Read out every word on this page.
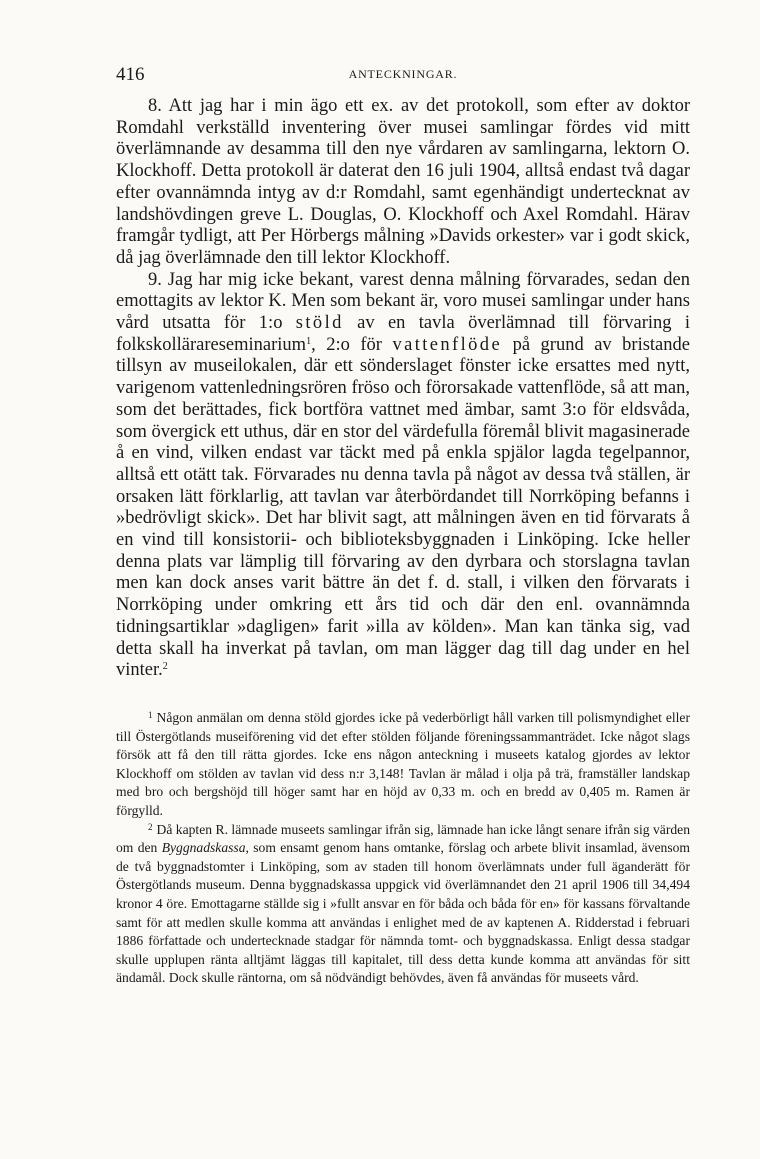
416	ANTECKNINGAR.

8. Att jag har i min ägo ett ex. av det protokoll, som efter av doktor Romdahl verkställd inventering över musei samlingar fördes vid mitt överlämnande av desamma till den nye vårdaren av samlingarna, lektorn O. Klockhoff. Detta protokoll är daterat den 16 juli 1904, alltså endast två dagar efter ovannämnda intyg av d:r Romdahl, samt egenhändigt undertecknat av landshövdingen greve L. Douglas, O. Klockhoff och Axel Romdahl. Härav framgår tydligt, att Per Hörbergs målning »Davids orkester» var i godt skick, då jag överlämnade den till lektor Klockhoff.

9. Jag har mig icke bekant, varest denna målning förvarades, sedan den emottagits av lektor K. Men som bekant är, voro musei samlingar under hans vård utsatta för 1:o stöld av en tavla överlämnad till förvaring i folkskollärareseminarium$^1$, 2:o för vattenflöde på grund av bristande tillsyn av museilokalen, där ett sönderslaget fönster icke ersattes med nytt, varigenom vattenledningsrören fröso och förorsakade vattenflöde, så att man, som det berättades, fick bortföra vattnet med ämbar, samt 3:o för eldsvåda, som övergick ett uthus, där en stor del värdefulla föremål blivit magasinerade å en vind, vilken endast var täckt med på enkla spjälor lagda tegelpannor, alltså ett otätt tak. Förvarades nu denna tavla på något av dessa två ställen, är orsaken lätt förklarlig, att tavlan var återbördandet till Norrköping befanns i »bedrövligt skick». Det har blivit sagt, att målningen även en tid förvarats å en vind till konsistorii- och biblioteksbyggnaden i Linköping. Icke heller denna plats var lämplig till förvaring av den dyrbara och storslagna tavlan men kan dock anses varit bättre än det f. d. stall, i vilken den förvarats i Norrköping under omkring ett års tid och där den enl. ovannämnda tidningsartiklar »dagligen» farit »illa av kölden». Man kan tänka sig, vad detta skall ha inverkat på tavlan, om man lägger dag till dag under en hel vinter.$^2$

$^1$ Någon anmälan om denna stöld gjordes icke på vederbörligt håll varken till polismyndighet eller till Östergötlands museiförening vid det efter stölden följande föreningssammanträdet. Icke något slags försök att få den till rätta gjordes. Icke ens någon anteckning i museets katalog gjordes av lektor Klockhoff om stölden av tavlan vid dess n:r 3,148! Tavlan är målad i olja på trä, framställer landskap med bro och bergshöjd till höger samt har en höjd av 0,33 m. och en bredd av 0,405 m. Ramen är förgylld.

$^2$ Då kapten R. lämnade museets samlingar ifrån sig, lämnade han icke långt senare ifrån sig värden om den Byggnadskassa, som ensamt genom hans omtanke, förslag och arbete blivit insamlad, ävensom de två byggnadstomter i Linköping, som av staden till honom överlämnats under full äganderätt för Östergötlands museum. Denna byggnadskassa uppgick vid överlämnandet den 21 april 1906 till 34,494 kronor 4 öre. Emottagarne ställde sig i »fullt ansvar en för båda och båda för en» för kassans förvaltande samt för att medlen skulle komma att användas i enlighet med de av kaptenen A. Ridderstad i februari 1886 författade och undertecknade stadgar för nämnda tomt- och byggnadskassa. Enligt dessa stadgar skulle upplupen ränta alltjämt läggas till kapitalet, till dess detta kunde komma att användas för sitt ändamål. Dock skulle räntorna, om så nödvändigt behövdes, även få användas för museets vård.
